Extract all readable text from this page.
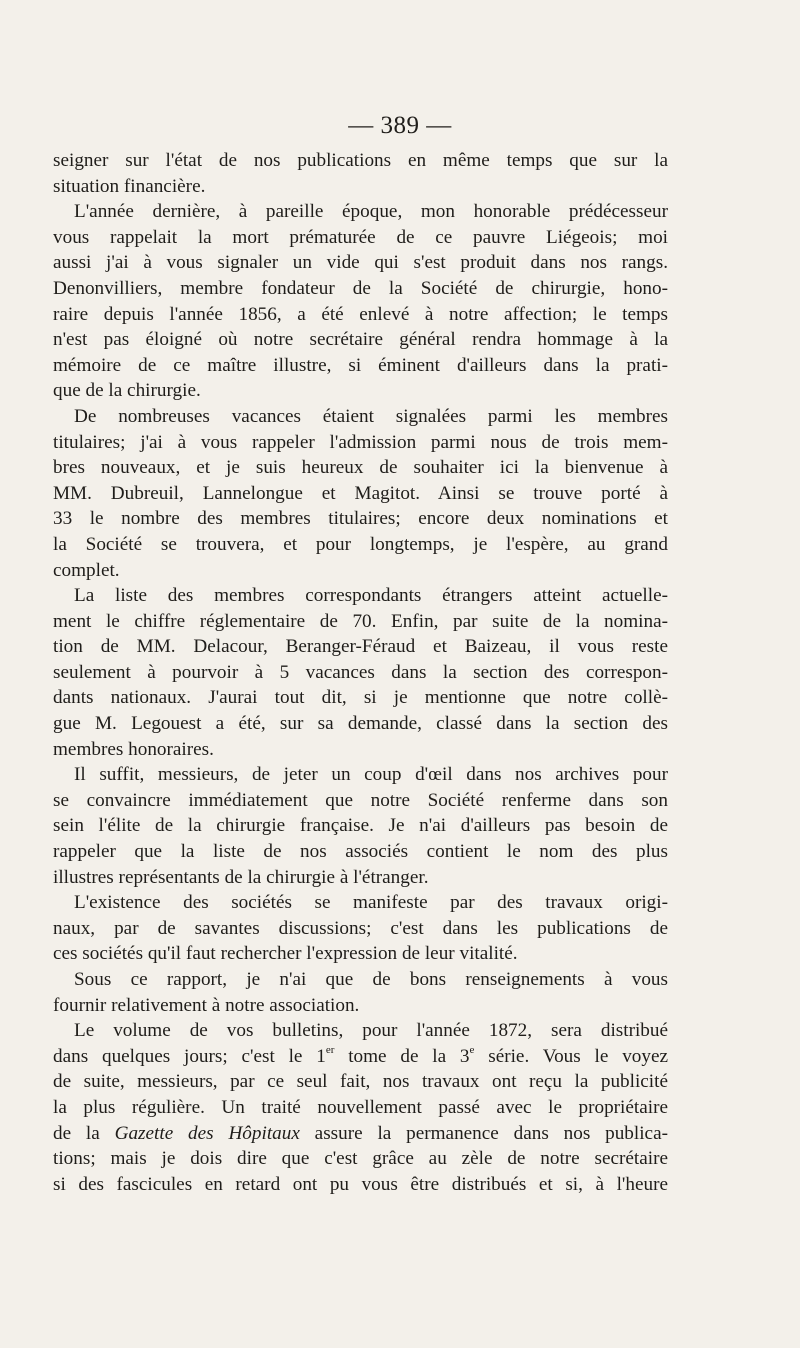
— 389 —
seigner sur l'état de nos publications en même temps que sur la
situation financière.
L'année dernière, à pareille époque, mon honorable prédécesseur
vous rappelait la mort prématurée de ce pauvre Liégeois; moi
aussi j'ai à vous signaler un vide qui s'est produit dans nos rangs.
Denonvilliers, membre fondateur de la Société de chirurgie, hono-
raire depuis l'année 1856, a été enlevé à notre affection; le temps
n'est pas éloigné où notre secrétaire général rendra hommage à la
mémoire de ce maître illustre, si éminent d'ailleurs dans la prati-
que de la chirurgie.
De nombreuses vacances étaient signalées parmi les membres
titulaires; j'ai à vous rappeler l'admission parmi nous de trois mem-
bres nouveaux, et je suis heureux de souhaiter ici la bienvenue à
MM. Dubreuil, Lannelongue et Magitot. Ainsi se trouve porté à
33 le nombre des membres titulaires; encore deux nominations et
la Société se trouvera, et pour longtemps, je l'espère, au grand
complet.
La liste des membres correspondants étrangers atteint actuelle-
ment le chiffre réglementaire de 70. Enfin, par suite de la nomina-
tion de MM. Delacour, Beranger-Féraud et Baizeau, il vous reste
seulement à pourvoir à 5 vacances dans la section des correspon-
dants nationaux. J'aurai tout dit, si je mentionne que notre collè-
gue M. Legouest a été, sur sa demande, classé dans la section des
membres honoraires.
Il suffit, messieurs, de jeter un coup d'œil dans nos archives pour
se convaincre immédiatement que notre Société renferme dans son
sein l'élite de la chirurgie française. Je n'ai d'ailleurs pas besoin de
rappeler que la liste de nos associés contient le nom des plus
illustres représentants de la chirurgie à l'étranger.
L'existence des sociétés se manifeste par des travaux origi-
naux, par de savantes discussions; c'est dans les publications de
ces sociétés qu'il faut rechercher l'expression de leur vitalité.
Sous ce rapport, je n'ai que de bons renseignements à vous
fournir relativement à notre association.
Le volume de vos bulletins, pour l'année 1872, sera distribué
dans quelques jours; c'est le 1er tome de la 3e série. Vous le voyez
de suite, messieurs, par ce seul fait, nos travaux ont reçu la publicité
la plus régulière. Un traité nouvellement passé avec le propriétaire
de la Gazette des Hôpitaux assure la permanence dans nos publica-
tions; mais je dois dire que c'est grâce au zèle de notre secrétaire
si des fascicules en retard ont pu vous être distribués et si, à l'heure
